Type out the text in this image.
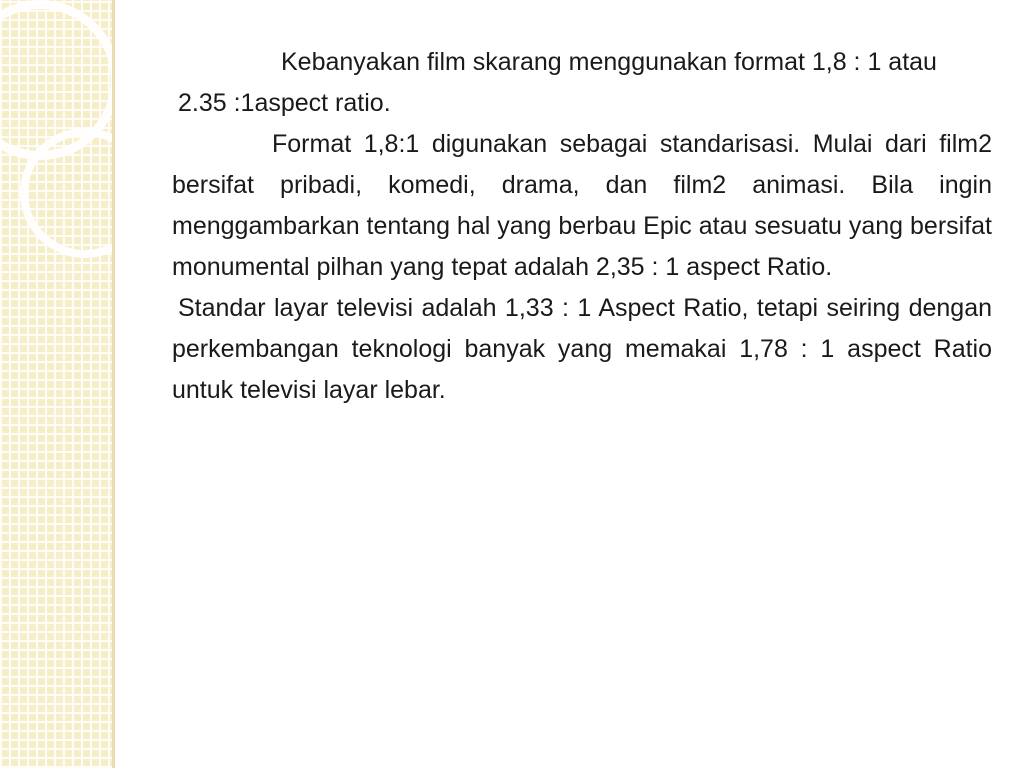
Kebanyakan film skarang menggunakan format 1,8 : 1 atau 2.35 :1aspect ratio.

Format 1,8:1 digunakan sebagai standarisasi. Mulai dari film2 bersifat pribadi, komedi, drama, dan film2 animasi. Bila ingin menggambarkan tentang hal yang berbau Epic atau sesuatu yang bersifat monumental pilhan yang tepat adalah 2,35 : 1 aspect Ratio.

Standar layar televisi adalah 1,33 : 1 Aspect Ratio, tetapi seiring dengan perkembangan teknologi banyak yang memakai 1,78 : 1 aspect Ratio untuk televisi layar lebar.
